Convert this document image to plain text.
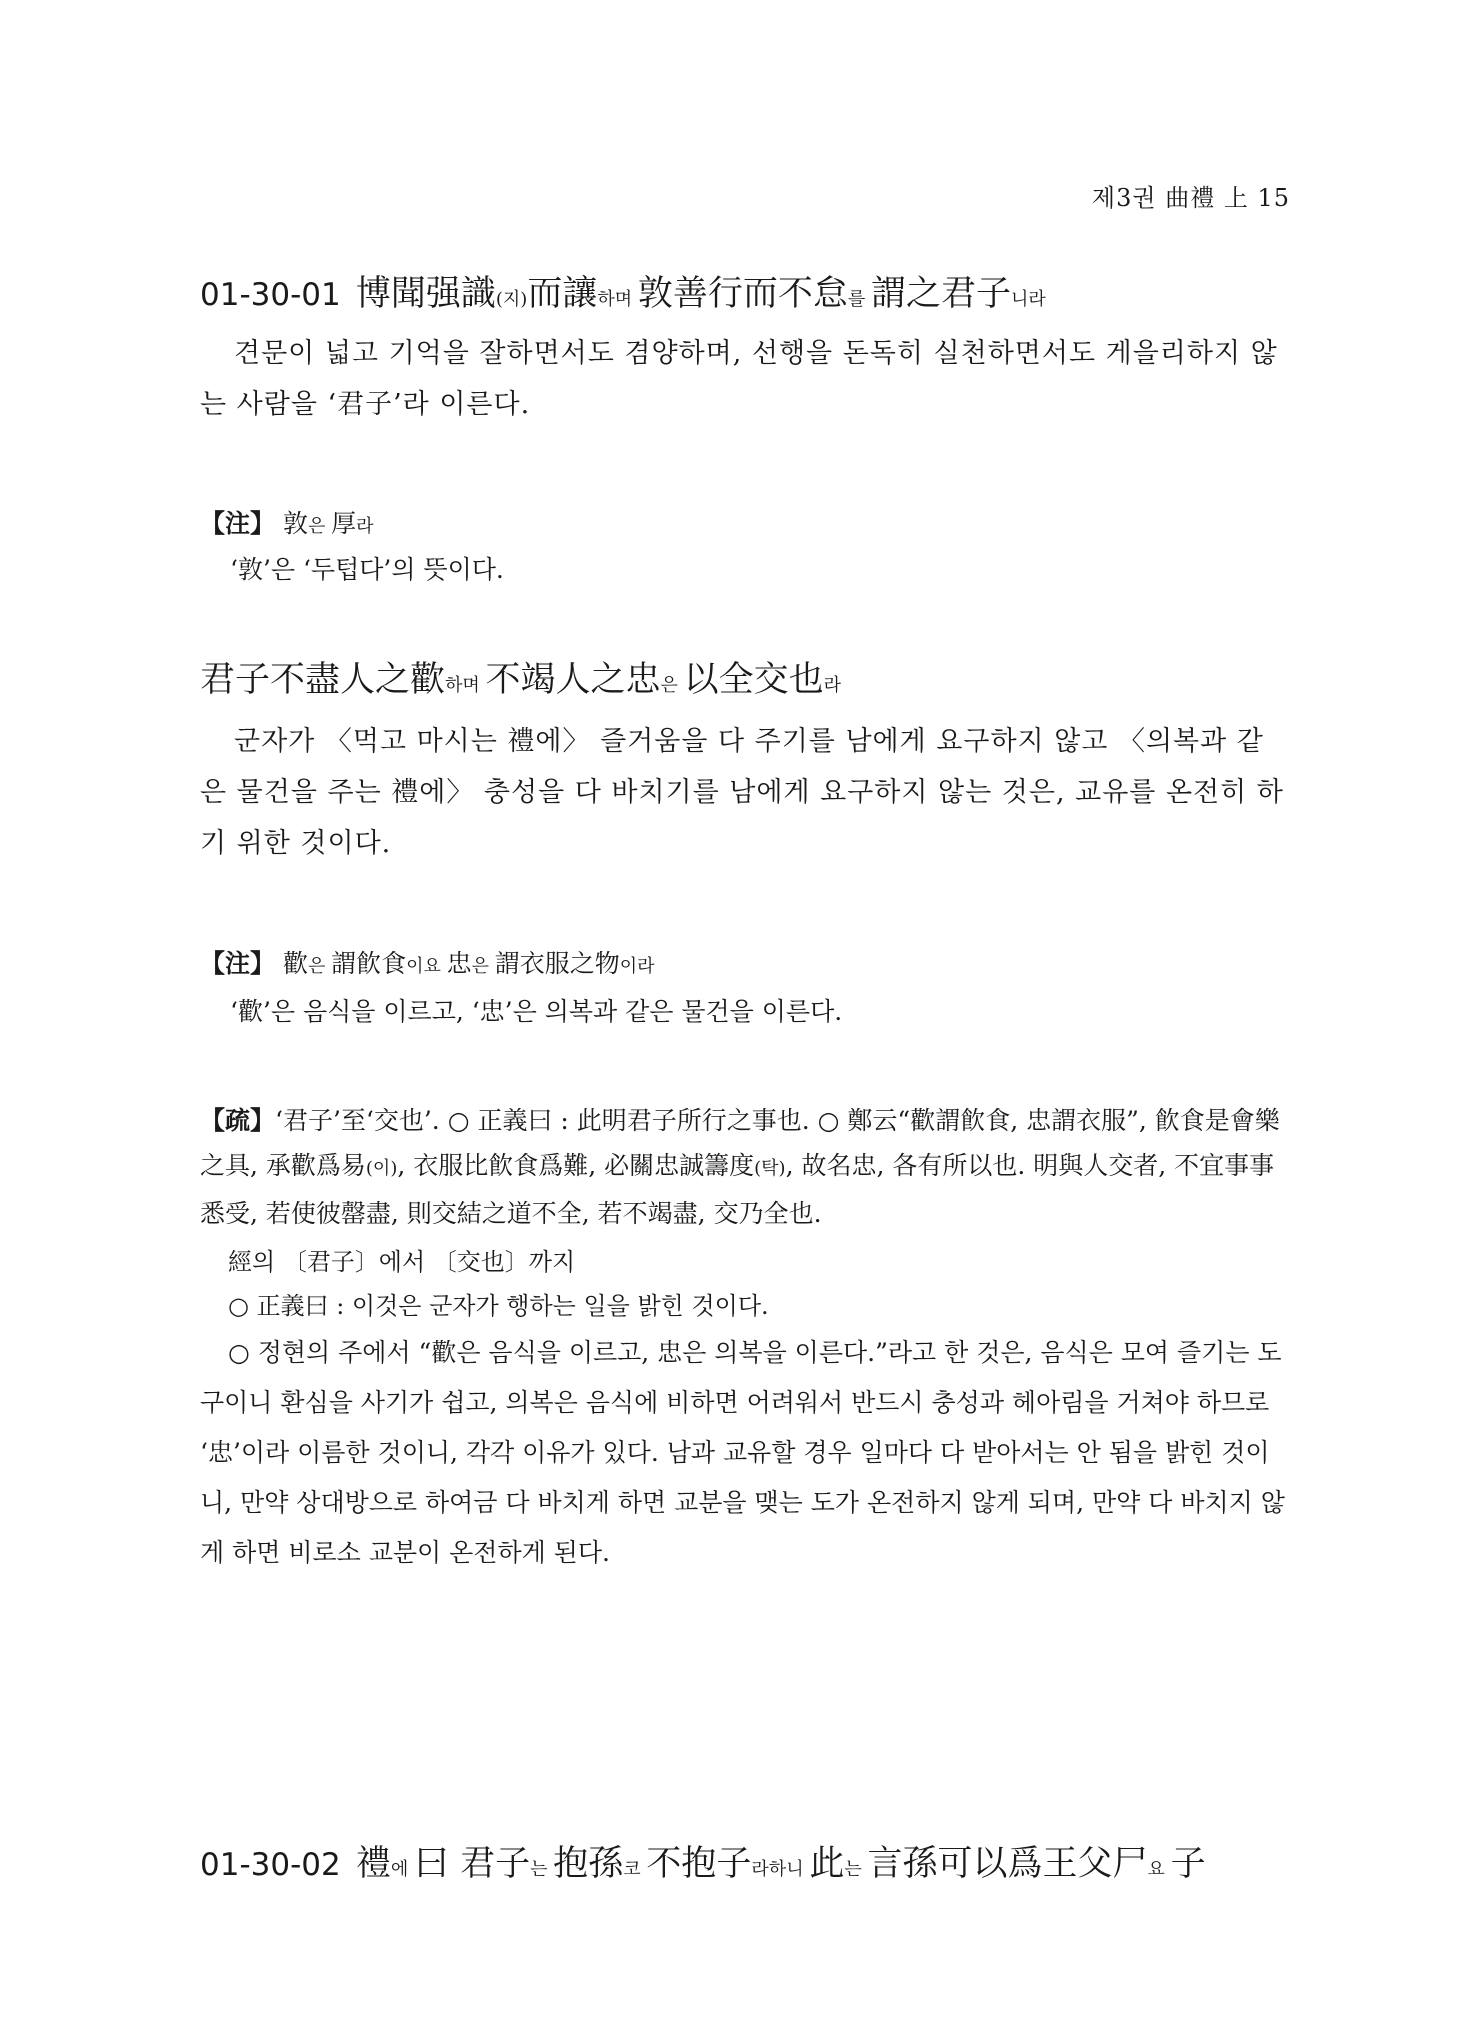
제3권 曲禮 上 15
01-30-01 博聞强識(지)而讓하며 敦善行而不怠를 謂之君子니라

견문이 넓고 기억을 잘하면서도 겸양하며, 선행을 돈독히 실천하면서도 게을리하지 않는 사람을 ‘君子’라 이른다.

【注】 敦은 厚라

‘敦’은 ‘두텁다’의 뜻이다.

君子不盡人之歡하며 不竭人之忠은 以全交也라

군자가 〈먹고 마시는 禮에〉 즐거움을 다 주기를 남에게 요구하지 않고 〈의복과 같은 물건을 주는 禮에〉 충성을 다 바치기를 남에게 요구하지 않는 것은, 교유를 온전히 하기 위한 것이다.

【注】 歡은 謂飮食이요 忠은 謂衣服之物이라

‘歡’은 음식을 이르고, ‘忠’은 의복과 같은 물건을 이른다.

【疏】‘君子’至‘交也’. ○ 正義曰 : 此明君子所行之事也. ○ 鄭云“歡謂飮食, 忠謂衣服”, 飮食是會樂之具, 承歡爲易(이), 衣服比飮食爲難, 必關忠誠籌度(탁), 故名忠, 各有所以也. 明與人交者, 不宜事事悉受, 若使彼罄盡, 則交結之道不全, 若不竭盡, 交乃全也.

經의 〔君子〕에서 〔交也〕까지

○ 正義曰 : 이것은 군자가 행하는 일을 밝힌 것이다.

○ 정현의 주에서 “歡은 음식을 이르고, 忠은 의복을 이른다.”라고 한 것은, 음식은 모여 즐기는 도구이니 환심을 사기가 쉽고, 의복은 음식에 비하면 어려워서 반드시 충성과 헤아림을 거쳐야 하므로 ‘忠’이라 이름한 것이니, 각각 이유가 있다. 남과 교유할 경우 일마다 다 받아서는 안 됨을 밝힌 것이니, 만약 상대방으로 하여금 다 바치게 하면 교분을 맺는 도가 온전하지 않게 되며, 만약 다 바치지 않게 하면 비로소 교분이 온전하게 된다.

01-30-02 禮에 曰 君子는 抱孫코 不抱子라하니 此는 言孫可以爲王父尸요 子
